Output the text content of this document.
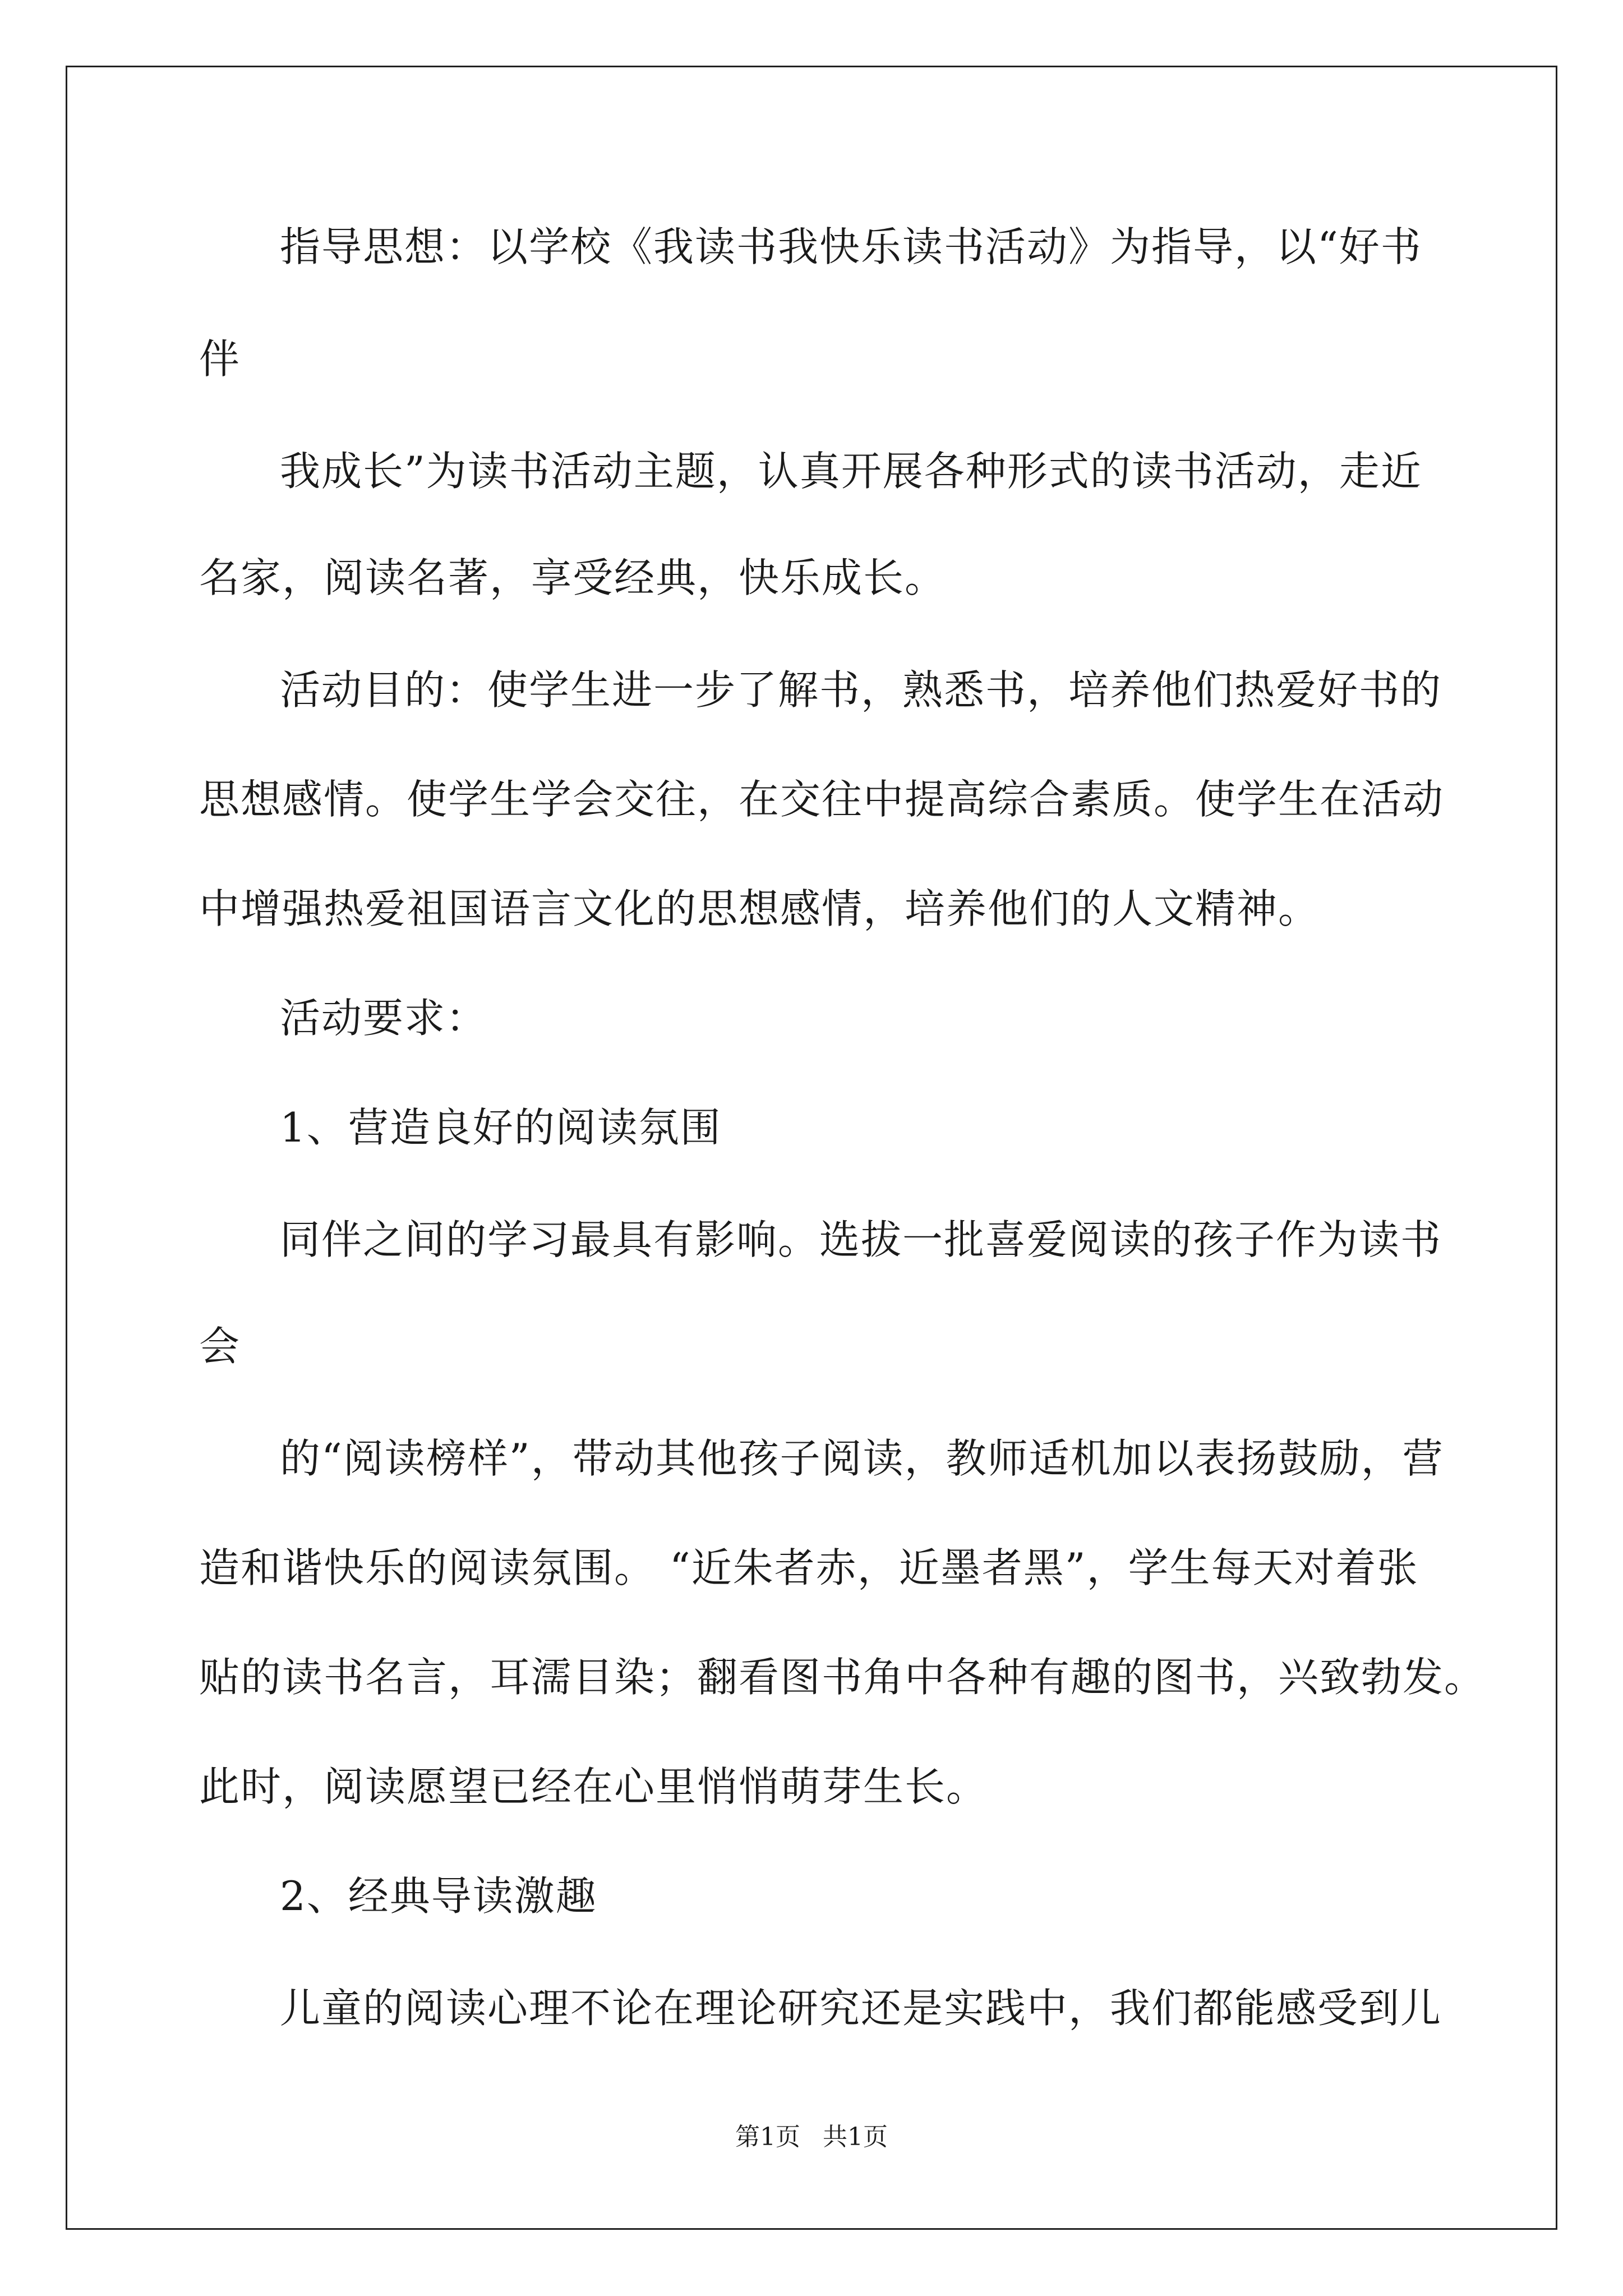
指导思想：以学校《我读书我快乐读书活动》为指导，以“好书
伴
我成长”为读书活动主题，认真开展各种形式的读书活动，走近
名家，阅读名著，享受经典，快乐成长。
活动目的：使学生进一步了解书，熟悉书，培养他们热爱好书的
思想感情。使学生学会交往，在交往中提高综合素质。使学生在活动
中增强热爱祖国语言文化的思想感情，培养他们的人文精神。
活动要求：
1、营造良好的阅读氛围
同伴之间的学习最具有影响。选拔一批喜爱阅读的孩子作为读书
会
的“阅读榜样”，带动其他孩子阅读，教师适机加以表扬鼓励，营
造和谐快乐的阅读氛围。 “近朱者赤，近墨者黑”，学生每天对着张
贴的读书名言，耳濡目染；翻看图书角中各种有趣的图书，兴致勃发。
此时，阅读愿望已经在心里悄悄萌芽生长。
2、经典导读激趣
儿童的阅读心理不论在理论研究还是实践中，我们都能感受到儿
第1页 共1页
